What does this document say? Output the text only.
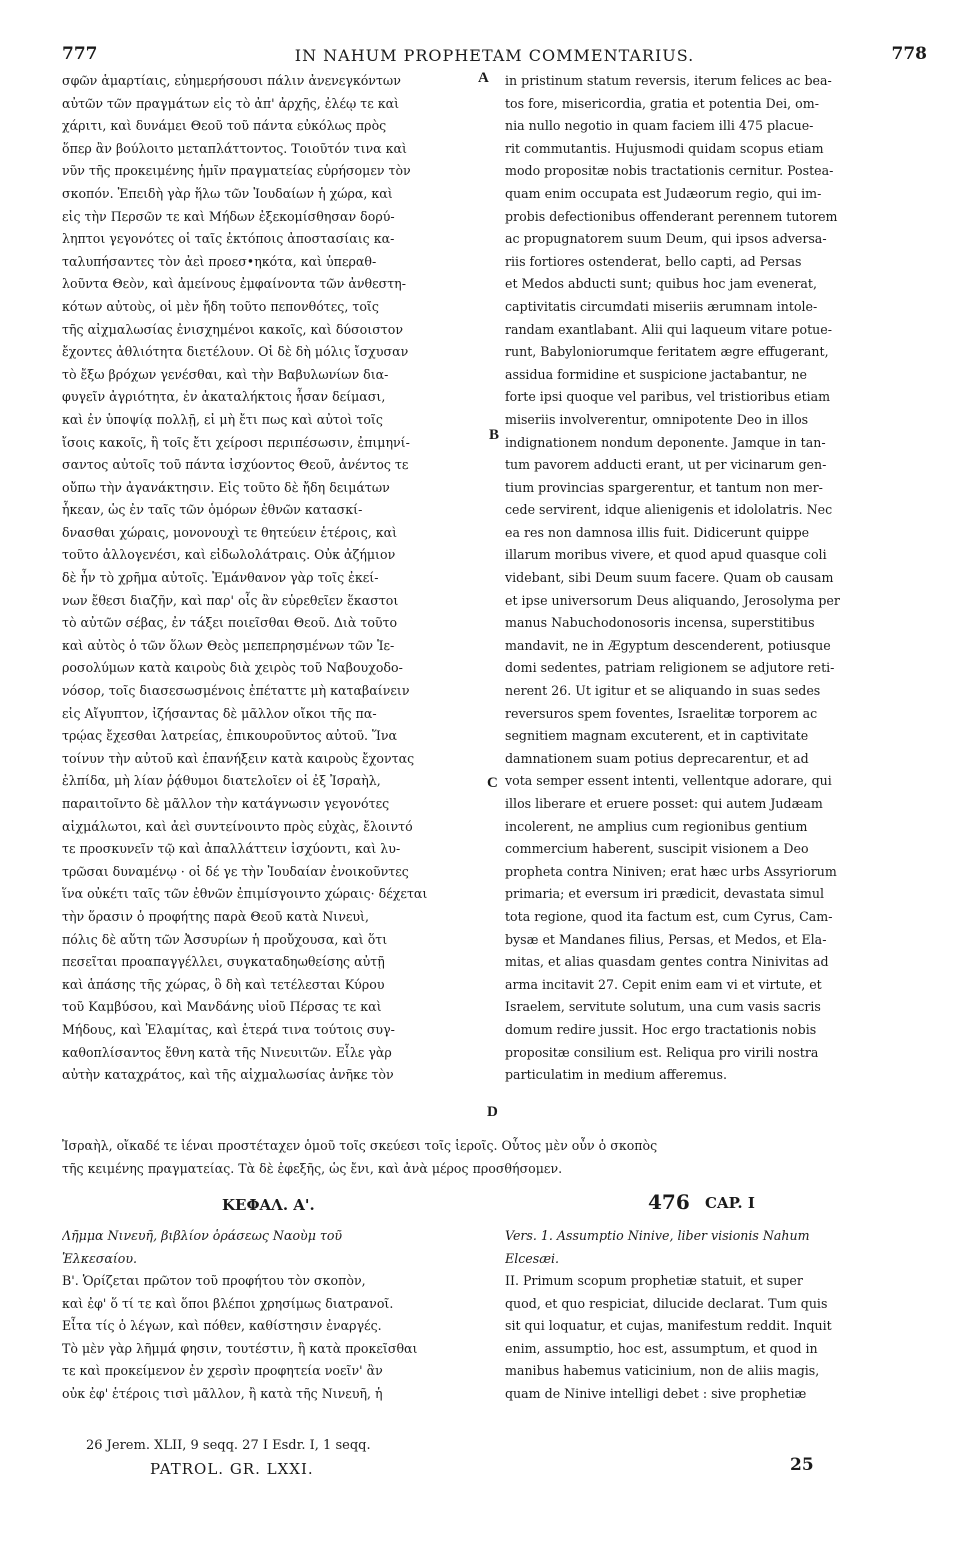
777	IN NAHUM PROPHETAM COMMENTARIUS.	778
σφῶν ἁμαρτίαις, εὐημερήσουσι πάλιν ἀνενεγκόντων
αὐτῶν τῶν πραγμάτων εἰς τὸ ἀπ' ἀρχῆς, ἐλέῳ τε καὶ
χάριτι, καὶ δυνάμει Θεοῦ τοῦ πάντα εὐκόλως πρὸς
ὅπερ ἂν βούλοιτο μεταπλάττοντος. Τοιοῦτόν τινα καὶ
νῦν τῆς προκειμένης ἡμῖν πραγματείας εὑρήσομεν τὸν
σκοπόν. Ἐπειδὴ γὰρ ἥλω τῶν Ἰουδαίων ἡ χώρα, καὶ
εἰς τὴν Περσῶν τε καὶ Μήδων ἐξεκομίσθησαν δορύ-
ληπτοι γεγονότες οἱ ταῖς ἐκτόποις ἀποστασίαις κα-
ταλυπήσαντες τὸν ἀεὶ προεσ•ηκότα, καὶ ὑπεραθ-
λοῦντα Θεὸν, καὶ ἀμείνους ἐμφαίνοντα τῶν ἀνθεστη-
κότων αὐτοὺς, οἱ μὲν ἤδη τοῦτο πεπονθότες, τοῖς
τῆς αἰχμαλωσίας ἐνισχημένοι κακοῖς, καὶ δύσοιστον
ἔχοντες ἀθλιότητα διετέλουν. Οἱ δὲ δὴ μόλις ἴσχυσαν
τὸ ἔξω βρόχων γενέσθαι, καὶ τὴν Βαβυλωνίων δια-
φυγεῖν ἀγριότητα, ἐν ἀκαταλήκτοις ἦσαν δείμασι,
καὶ ἐν ὑποψίᾳ πολλῇ, εἰ μὴ ἔτι πως καὶ αὐτοὶ τοῖς
ἴσοις κακοῖς, ἢ τοῖς ἔτι χείροσι περιπέσωσιν, ἐπιμηνί-
σαντος αὐτοῖς τοῦ πάντα ἰσχύοντος Θεοῦ, ἀνέντος τε
οὔπω τὴν ἀγανάκτησιν. Εἰς τοῦτο δὲ ἤδη δειμάτων
ἧκεαν, ὡς ἐν ταῖς τῶν ὁμόρων ἐθνῶν κατασκί-
δνασθαι χώραις, μονονουχὶ τε θητεύειν ἑτέροις, καὶ
τοῦτο ἀλλογενέσι, καὶ εἰδωλολάτραις. Οὐκ ἀζήμιον
δὲ ἦν τὸ χρῆμα αὐτοῖς. Ἐμάνθανον γὰρ τοῖς ἐκεί-
νων ἔθεσι διαζῆν, καὶ παρ' οἷς ἂν εὑρεθεῖεν ἕκαστοι
τὸ αὐτῶν σέβας, ἐν τάξει ποιεῖσθαι Θεοῦ. Διὰ τοῦτο
καὶ αὐτὸς ὁ τῶν ὅλων Θεὸς μεπεπρησμένων τῶν Ἱε-
ροσολύμων κατὰ καιροὺς διὰ χειρὸς τοῦ Ναβουχοδο-
νόσορ, τοῖς διασεσωσμένοις ἐπέταττε μὴ καταβαίνειν
εἰς Αἴγυπτον, ἰζήσαντας δὲ μᾶλλον οἴκοι τῆς πα-
τρῴας ἔχεσθαι λατρείας, ἐπικουροῦντος αὐτοῦ. Ἵνα
τοίνυν τὴν αὐτοῦ καὶ ἐπανήξειν κατὰ καιροὺς ἔχοντας
ἐλπίδα, μὴ λίαν ῥᾴθυμοι διατελοῖεν οἱ ἐξ Ἰσραὴλ,
παραιτοῖντο δὲ μᾶλλον τὴν κατάγνωσιν γεγονότες
αἰχμάλωτοι, καὶ ἀεὶ συντείνοιντο πρὸς εὐχὰς, ἔλοιντό
τε προσκυνεῖν τῷ καὶ ἀπαλλάττειν ἰσχύοντι, καὶ λυ-
τρῶσαι δυναμένῳ · οἱ δέ γε τὴν Ἰουδαίαν ἐνοικοῦντες
ἵνα οὐκέτι ταῖς τῶν ἐθνῶν ἐπιμίσγοιντο χώραις· δέχεται
τὴν ὅρασιν ὁ προφήτης παρὰ Θεοῦ κατὰ Νινευὶ,
πόλις δὲ αὕτη τῶν Ἀσσυρίων ἡ προὔχουσα, καὶ ὅτι
πεσεῖται προαπαγγέλλει, συγκαταδηωθείσης αὐτῇ
καὶ ἁπάσης τῆς χώρας, ὃ δὴ καὶ τετέλεσται Κύρου
τοῦ Καμβύσου, καὶ Μανδάνης υἱοῦ Πέρσας τε καὶ
Μήδους, καὶ Ἐλαμίτας, καὶ ἑτερά τινα τούτοις συγ-
καθοπλίσαντος ἔθνη κατὰ τῆς Νινευιτῶν. Εἷλε γὰρ
αὐτὴν καταχράτος, καὶ τῆς αἰχμαλωσίας ἀνῆκε τὸν
in pristinum statum reversis, iterum felices ac bea-
tos fore, misericordia, gratia et potentia Dei, om-
nia nullo negotio in quam faciem illi 475 placue-
rit commutantis. Hujusmodi quidam scopus etiam
modo propositæ nobis tractationis cernitur. Postea-
quam enim occupata est Judæorum regio, qui im-
probis defectionibus offenderant perennem tutorem
ac propugnatorem suum Deum, qui ipsos adversa-
riis fortiores ostenderat, bello capti, ad Persas
et Medos abducti sunt; quibus hoc jam evenerat,
captivitatis circumdati miseriis ærumnam intole-
randam exantlabant. Alii qui laqueum vitare potue-
runt, Babyloniorumque feritatem ægre effugerant,
assidua formidine et suspicione jactabantur, ne
forte ipsi quoque vel paribus, vel tristioribus etiam
miseriis involverentur, omnipotente Deo in illos
indignationem nondum deponente. Jamque in tan-
tum pavorem adducti erant, ut per vicinarum gen-
tium provincias spargerentur, et tantum non mer-
cede servirent, idque alienigenis et idololatris. Nec
ea res non damnosa illis fuit. Didicerunt quippe
illarum moribus vivere, et quod apud quasque coli
videbant, sibi Deum suum facere. Quam ob causam
et ipse universorum Deus aliquando, Jerosolyma per
manus Nabuchodonosoris incensa, superstitibus
mandavit, ne in Ægyptum descenderent, potiusque
domi sedentes, patriam religionem se adjutore reti-
nerent 26. Ut igitur et se aliquando in suas sedes
reversuros spem foventes, Israelitæ torporem ac
segnitiem magnam excuterent, et in captivitate
damnationem suam potius deprecarentur, et ad
vota semper essent intenti, vellentque adorare, qui
illos liberare et eruere posset: qui autem Judæam
incolerent, ne amplius cum regionibus gentium
commercium haberent, suscipit visionem a Deo
propheta contra Niniven; erat hæc urbs Assyriorum
primaria; et eversum iri prædicit, devastata simul
tota regione, quod ita factum est, cum Cyrus, Cam-
bysæ et Mandanes filius, Persas, et Medos, et Ela-
mitas, et alias quasdam gentes contra Ninivitas ad
arma incitavit 27. Cepit enim eam vi et virtute, et
Israelem, servitute solutum, una cum vasis sacris
domum redire jussit. Hoc ergo tractationis nobis
propositæ consilium est. Reliqua pro virili nostra
particulatim in medium afferemus.
A
B
C
D
Ἰσραὴλ, οἴκαδέ τε ἰέναι προστέταχεν ὁμοῦ τοῖς σκεύεσι τοῖς ἱεροῖς. Οὗτος μὲν οὖν ὁ σκοπὸς
τῆς κειμένης πραγματείας. Τὰ δὲ ἐφεξῆς, ὡς ἔνι, καὶ ἀνὰ μέρος προσθήσομεν.
ΚΕΦΑΛ. Α'.	476 CAP. I
Λῆμμα Νινευῆ, βιβλίον ὁράσεως Ναοὺμ τοῦ
Ἐλκεσαίου.
Β'. Ὁρίζεται πρῶτον τοῦ προφήτου τὸν σκοπὸν,
καὶ ἐφ' ὅ τί τε καὶ ὅποι βλέποι χρησίμως διατρανοῖ.
Εἶτα τίς ὁ λέγων, καὶ πόθεν, καθίστησιν ἐναργές.
Τὸ μὲν γὰρ λῆμμά φησιν, τουτέστιν, ἢ κατὰ προκεῖσθαι
τε καὶ προκείμενον ἐν χερσὶν προφητεία νοεῖν' ἂν
οὐκ ἐφ' ἑτέροις τισὶ μᾶλλον, ἢ κατὰ τῆς Νινευῆ, ἡ
Vers. 1. Assumptio Ninive, liber visionis Nahum
Elcesæi.
II. Primum scopum prophetiæ statuit, et super
quod, et quo respiciat, dilucide declarat. Tum quis
sit qui loquatur, et cujas, manifestum reddit. Inquit
enim, assumptio, hoc est, assumptum, et quod in
manibus habemus vaticinium, non de aliis magis,
quam de Ninive intelligi debet : sive prophetiæ
26 Jerem. XLII, 9 seqq. 27 I Esdr. I, 1 seqq.
PATROL. GR. LXXI.	25
